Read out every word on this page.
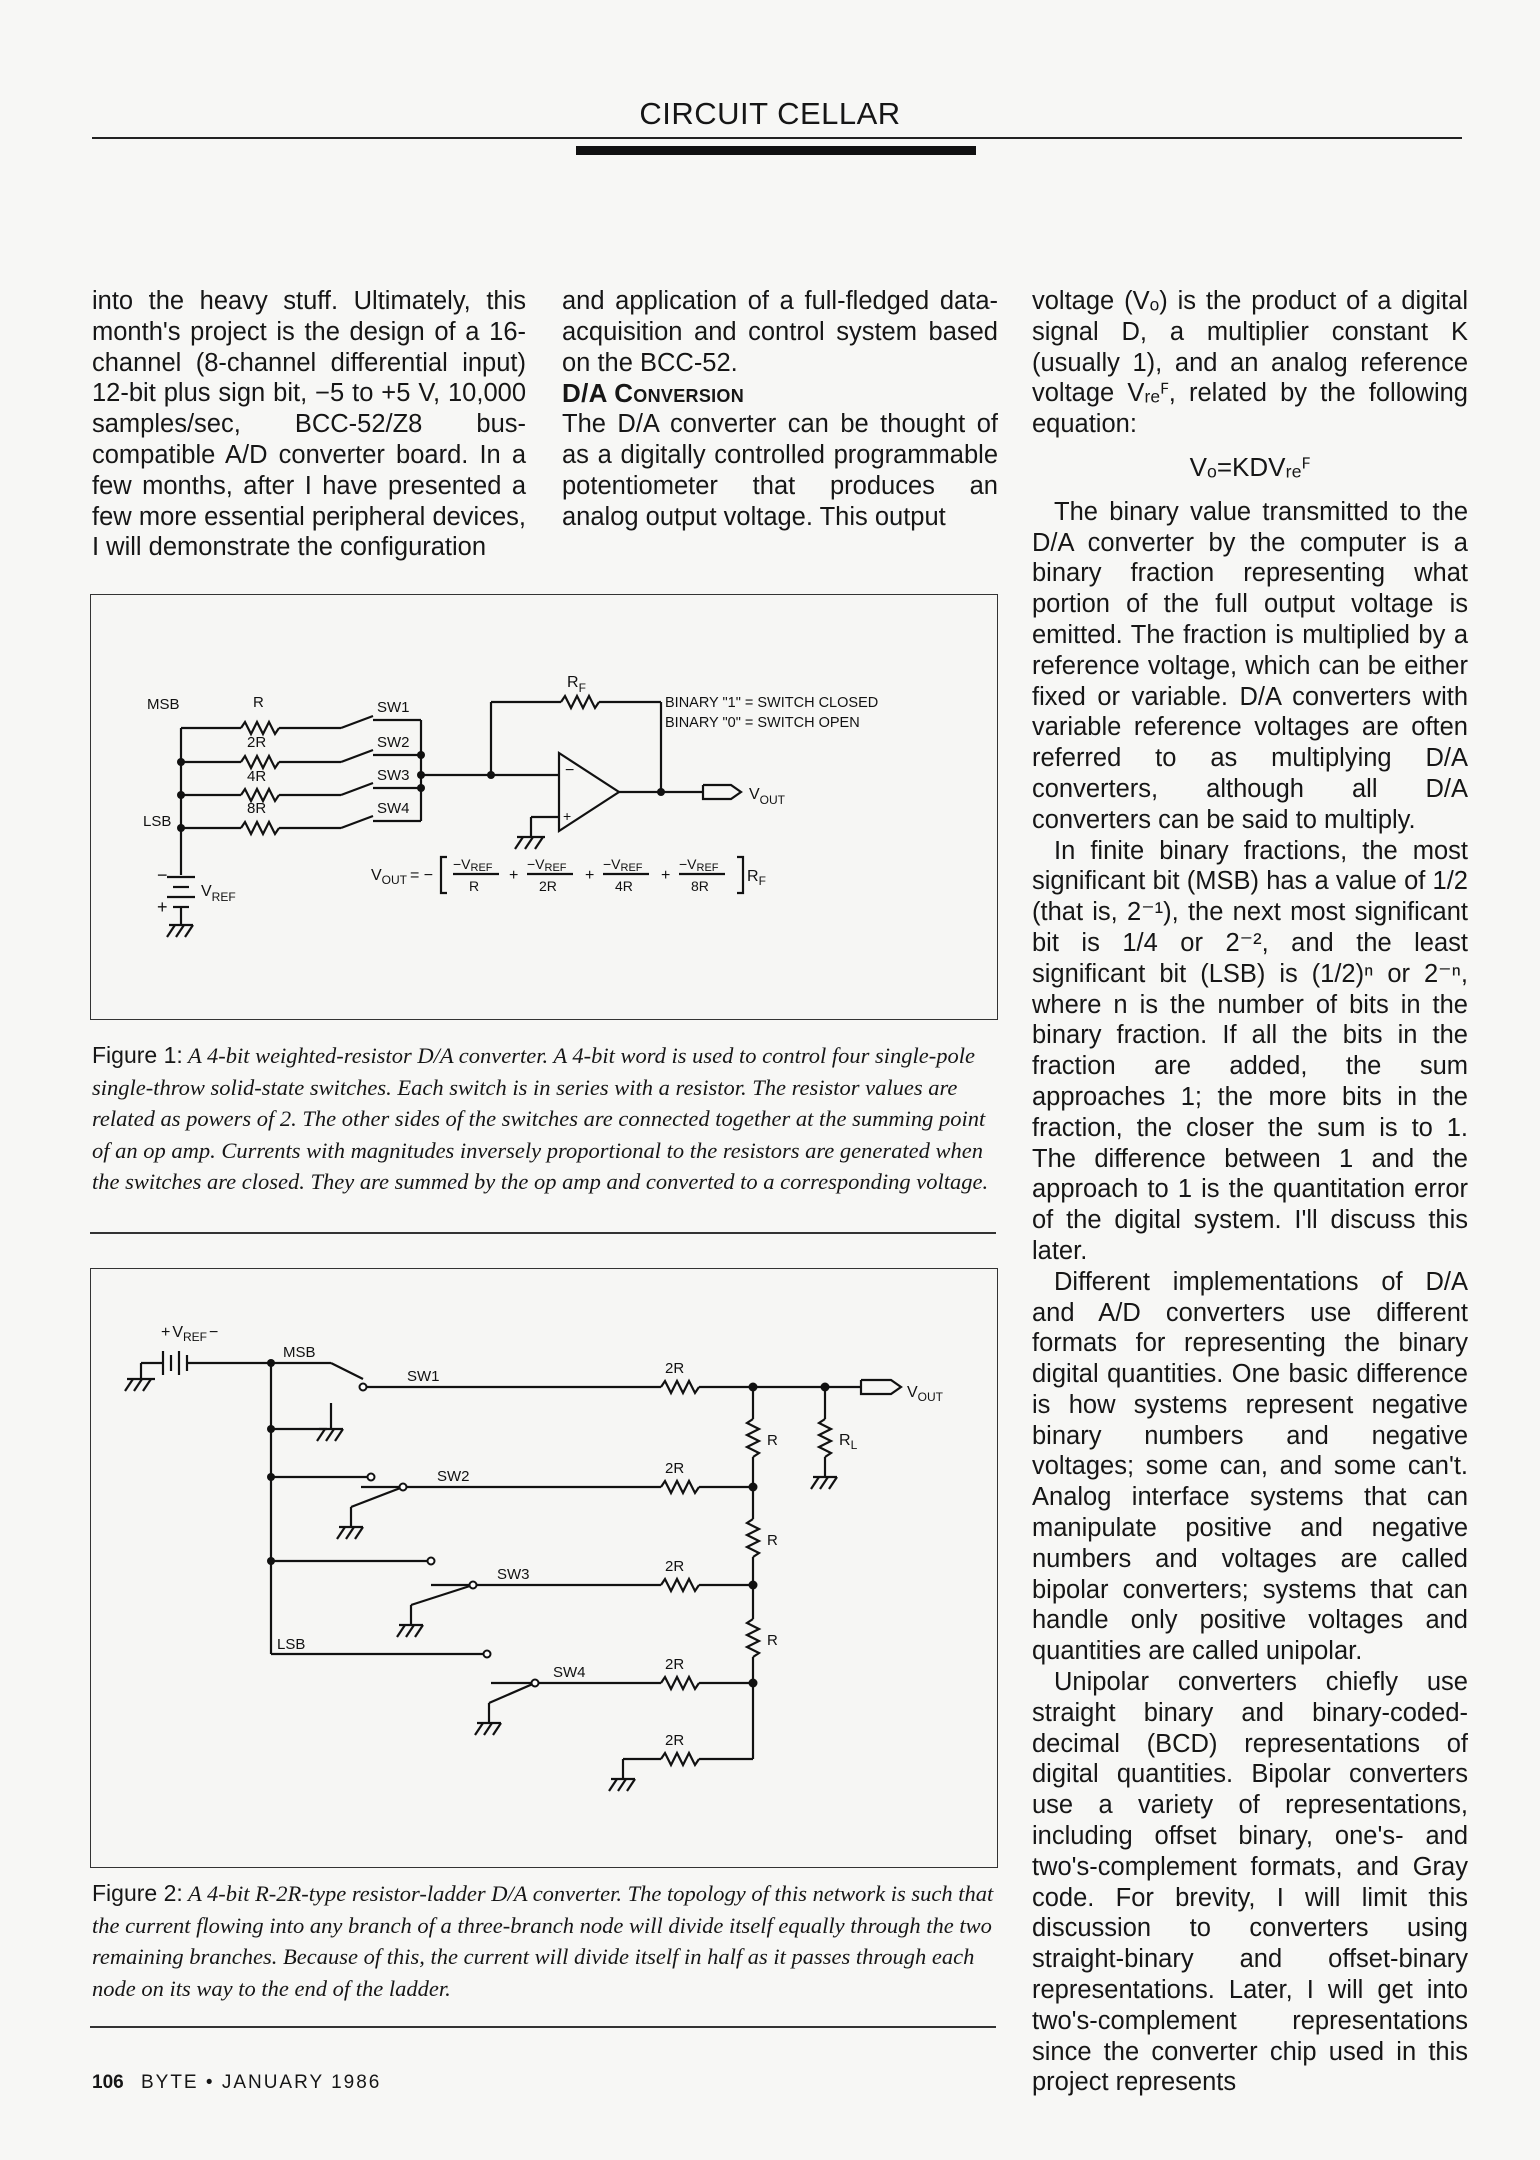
CIRCUIT CELLAR

into the heavy stuff. Ultimately, this month's project is the design of a 16-channel (8-channel differential input) 12-bit plus sign bit, −5 to +5 V, 10,000 samples/sec, BCC-52/Z8 bus-compatible A/D converter board. In a few months, after I have presented a few more essential peripheral devices, I will demonstrate the configuration

and application of a full-fledged data-acquisition and control system based on the BCC-52.

D/A Conversion

The D/A converter can be thought of as a digitally controlled programmable potentiometer that produces an analog output voltage. This output

voltage (Vₒ) is the product of a digital signal D, a multiplier constant K (usually 1), and an analog reference voltage Vᵣₑꟳ, related by the following equation:

Vₒ=KDVᵣₑꟳ

The binary value transmitted to the D/A converter by the computer is a binary fraction representing what portion of the full output voltage is emitted. The fraction is multiplied by a reference voltage, which can be either fixed or variable. D/A converters with variable reference voltages are often referred to as multiplying D/A converters, although all D/A converters can be said to multiply.

In finite binary fractions, the most significant bit (MSB) has a value of 1/2 (that is, 2⁻¹), the next most significant bit is 1/4 or 2⁻², and the least significant bit (LSB) is (1/2)ⁿ or 2⁻ⁿ, where n is the number of bits in the binary fraction. If all the bits in the fraction are added, the sum approaches 1; the more bits in the fraction, the closer the sum is to 1. The difference between 1 and the approach to 1 is the quantitation error of the digital system. I'll discuss this later.

Different implementations of D/A and A/D converters use different formats for representing the binary digital quantities. One basic difference is how systems represent negative binary numbers and negative voltages; some can, and some can't. Analog interface systems that can manipulate positive and negative numbers and voltages are called bipolar converters; systems that can handle only positive voltages and quantities are called unipolar.

Unipolar converters chiefly use straight binary and binary-coded-decimal (BCD) representations of digital quantities. Bipolar converters use a variety of representations, including offset binary, one's- and two's-complement formats, and Gray code. For brevity, I will limit this discussion to converters using straight-binary and offset-binary representations. Later, I will get into two's-complement representations since the converter chip used in this project represents

MSB
LSB
R
2R
4R
8R
SW1
SW2
SW3
SW4
$R_F$
BINARY "1" = SWITCH CLOSED
BINARY "0" = SWITCH OPEN
$V_{OUT}$
$V_{REF}$
−
+
−
+
$V_{OUT}$ = −
−VREF
R
+
−VREF
2R
+
−VREF
4R
+
−VREF
8R
$R_F$
Figure 1: A 4-bit weighted-resistor D/A converter. A 4-bit word is used to control four single-pole single-throw solid-state switches. Each switch is in series with a resistor. The resistor values are related as powers of 2. The other sides of the switches are connected together at the summing point of an op amp. Currents with magnitudes inversely proportional to the resistors are generated when the switches are closed. They are summed by the op amp and converted to a corresponding voltage.
+ $V_{REF}$ −
MSB
LSB
SW1
SW2
SW3
SW4
2R
2R
2R
2R
2R
R
R
R
$R_L$
$V_{OUT}$
Figure 2: A 4-bit R-2R-type resistor-ladder D/A converter. The topology of this network is such that the current flowing into any branch of a three-branch node will divide itself equally through the two remaining branches. Because of this, the current will divide itself in half as it passes through each node on its way to the end of the ladder.
106 BYTE • JANUARY 1986
